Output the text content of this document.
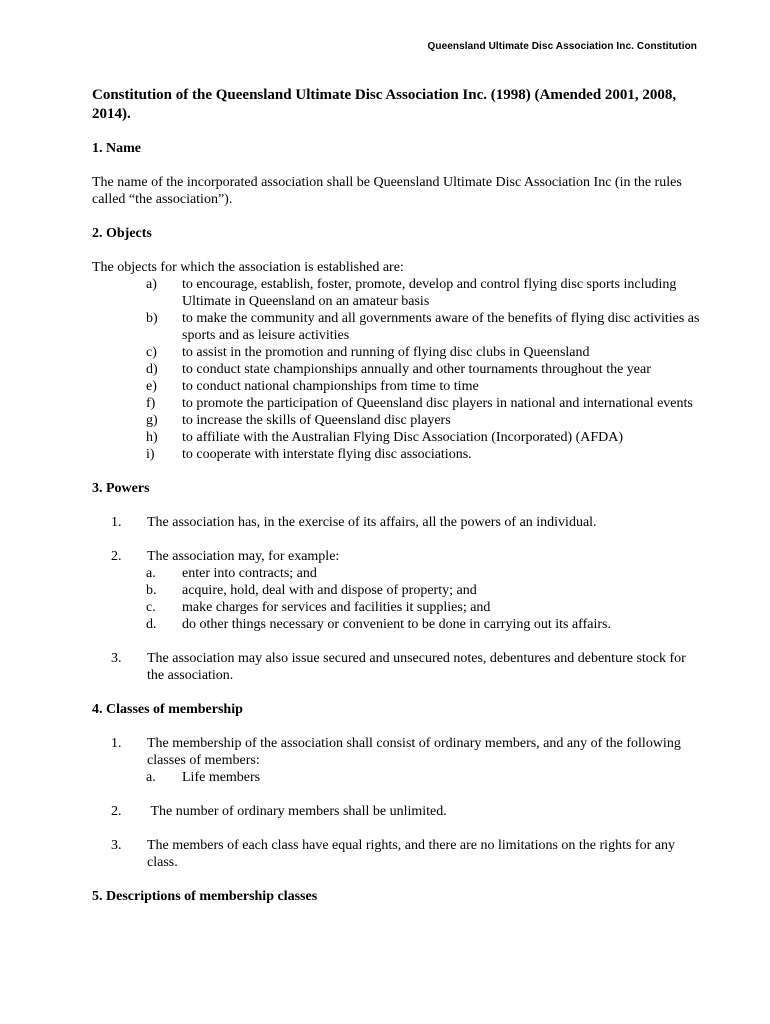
Queensland Ultimate Disc Association Inc. Constitution

Constitution of the Queensland Ultimate Disc Association Inc. (1998) (Amended 2001, 2008, 2014).

1. Name

The name of the incorporated association shall be Queensland Ultimate Disc Association Inc (in the rules called “the association”).

2. Objects

The objects for which the association is established are:

a)	to encourage, establish, foster, promote, develop and control flying disc sports including Ultimate in Queensland on an amateur basis
b)	to make the community and all governments aware of the benefits of flying disc activities as sports and as leisure activities
c)	to assist in the promotion and running of flying disc clubs in Queensland
d)	to conduct state championships annually and other tournaments throughout the year
e)	to conduct national championships from time to time
f)	to promote the participation of Queensland disc players in national and international events
g)	to increase the skills of Queensland disc players
h)	to affiliate with the Australian Flying Disc Association (Incorporated) (AFDA)
i)	to cooperate with interstate flying disc associations.

3. Powers

1.	The association has, in the exercise of its affairs, all the powers of an individual.
2.	The association may, for example:
a.	enter into contracts; and
b.	acquire, hold, deal with and dispose of property; and
c.	make charges for services and facilities it supplies; and
d.	do other things necessary or convenient to be done in carrying out its affairs.
3.	The association may also issue secured and unsecured notes, debentures and debenture stock for the association.

4. Classes of membership

1.	The membership of the association shall consist of ordinary members, and any of the following classes of members:
a.	Life members
2.	The number of ordinary members shall be unlimited.
3.	The members of each class have equal rights, and there are no limitations on the rights for any class.

5. Descriptions of membership classes
